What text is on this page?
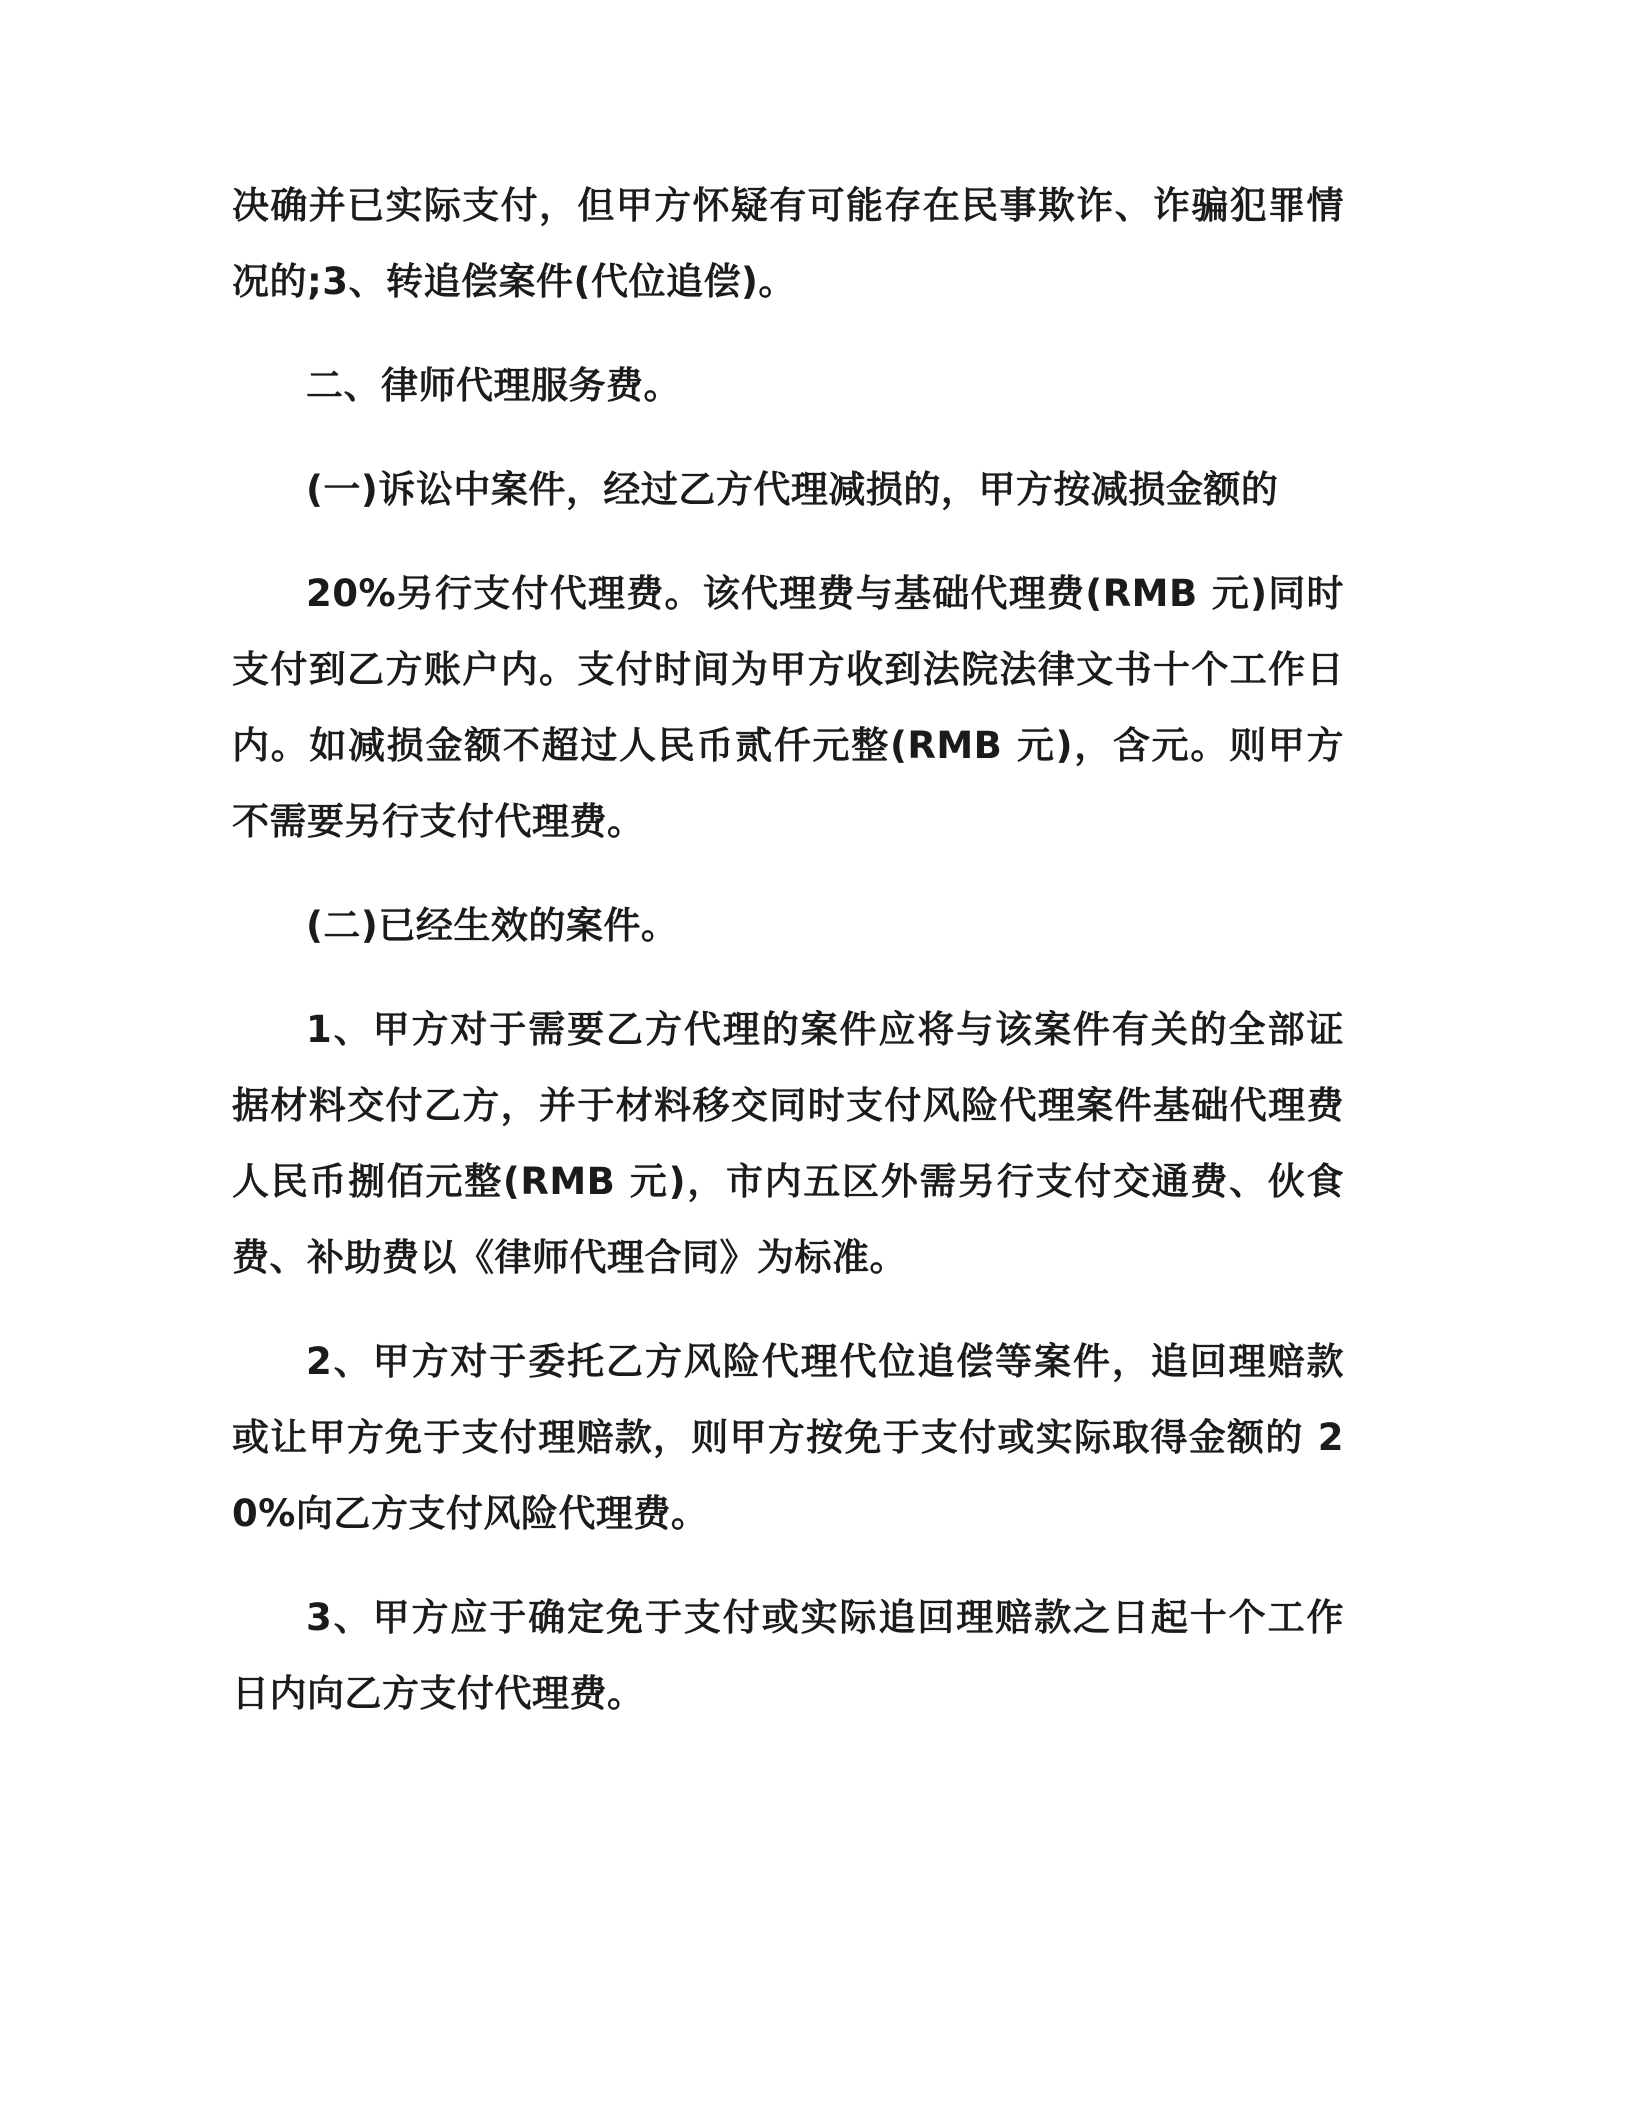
决确并已实际支付，但甲方怀疑有可能存在民事欺诈、诈骗犯罪情况的;3、转追偿案件(代位追偿)。

二、律师代理服务费。

(一)诉讼中案件，经过乙方代理减损的，甲方按减损金额的

20%另行支付代理费。该代理费与基础代理费(RMB 元)同时支付到乙方账户内。支付时间为甲方收到法院法律文书十个工作日内。如减损金额不超过人民币贰仟元整(RMB 元)，含元。则甲方不需要另行支付代理费。

(二)已经生效的案件。

1、甲方对于需要乙方代理的案件应将与该案件有关的全部证据材料交付乙方，并于材料移交同时支付风险代理案件基础代理费人民币捌佰元整(RMB 元)，市内五区外需另行支付交通费、伙食费、补助费以《律师代理合同》为标准。

2、甲方对于委托乙方风险代理代位追偿等案件，追回理赔款或让甲方免于支付理赔款，则甲方按免于支付或实际取得金额的 20%向乙方支付风险代理费。

3、甲方应于确定免于支付或实际追回理赔款之日起十个工作日内向乙方支付代理费。
